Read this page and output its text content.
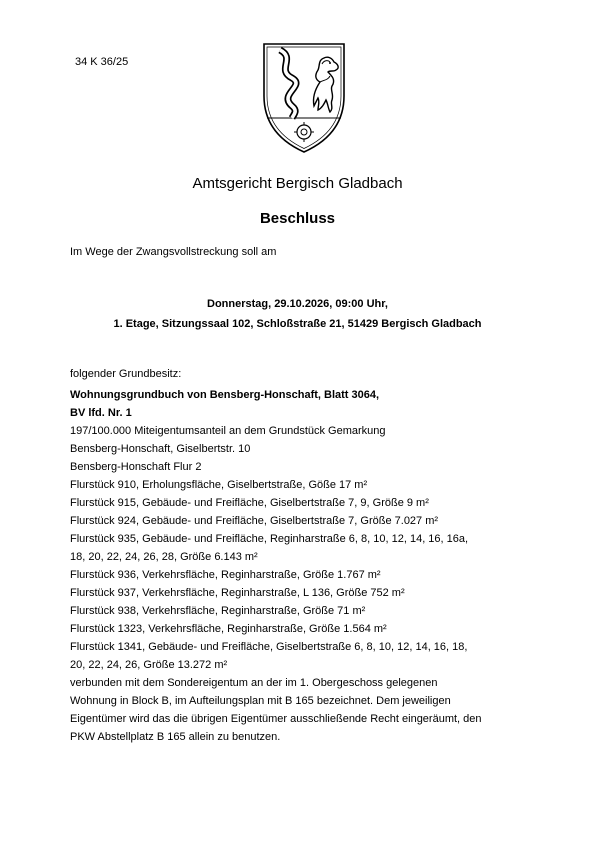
34 K 36/25
Amtsgericht Bergisch Gladbach
Beschluss
Im Wege der Zwangsvollstreckung soll am
Donnerstag, 29.10.2026, 09:00 Uhr,
1. Etage, Sitzungssaal 102, Schloßstraße 21, 51429 Bergisch Gladbach
folgender Grundbesitz:
Wohnungsgrundbuch von Bensberg-Honschaft, Blatt 3064,
BV lfd. Nr. 1
197/100.000 Miteigentumsanteil an dem Grundstück Gemarkung
Bensberg-Honschaft, Giselbertstr. 10
Bensberg-Honschaft Flur 2
Flurstück 910, Erholungsfläche, Giselbertstraße, Göße 17 m²
Flurstück 915, Gebäude- und Freifläche, Giselbertstraße 7, 9, Größe 9 m²
Flurstück 924, Gebäude- und Freifläche, Giselbertstraße 7, Größe 7.027 m²
Flurstück 935, Gebäude- und Freifläche, Reginharstraße 6, 8, 10, 12, 14, 16, 16a,
18, 20, 22, 24, 26, 28, Größe 6.143 m²
Flurstück 936, Verkehrsfläche, Reginharstraße, Größe 1.767 m²
Flurstück 937, Verkehrsfläche, Reginharstraße, L 136, Größe 752 m²
Flurstück 938, Verkehrsfläche, Reginharstraße, Größe 71 m²
Flurstück 1323, Verkehrsfläche, Reginharstraße, Größe 1.564 m²
Flurstück 1341, Gebäude- und Freifläche, Giselbertstraße 6, 8, 10, 12, 14, 16, 18,
20, 22, 24, 26, Größe 13.272 m²
verbunden mit dem Sondereigentum an der im 1. Obergeschoss gelegenen
Wohnung in Block B, im Aufteilungsplan mit B 165 bezeichnet. Dem jeweiligen
Eigentümer wird das die übrigen Eigentümer ausschließende Recht eingeräumt, den
PKW Abstellplatz B 165 allein zu benutzen.
